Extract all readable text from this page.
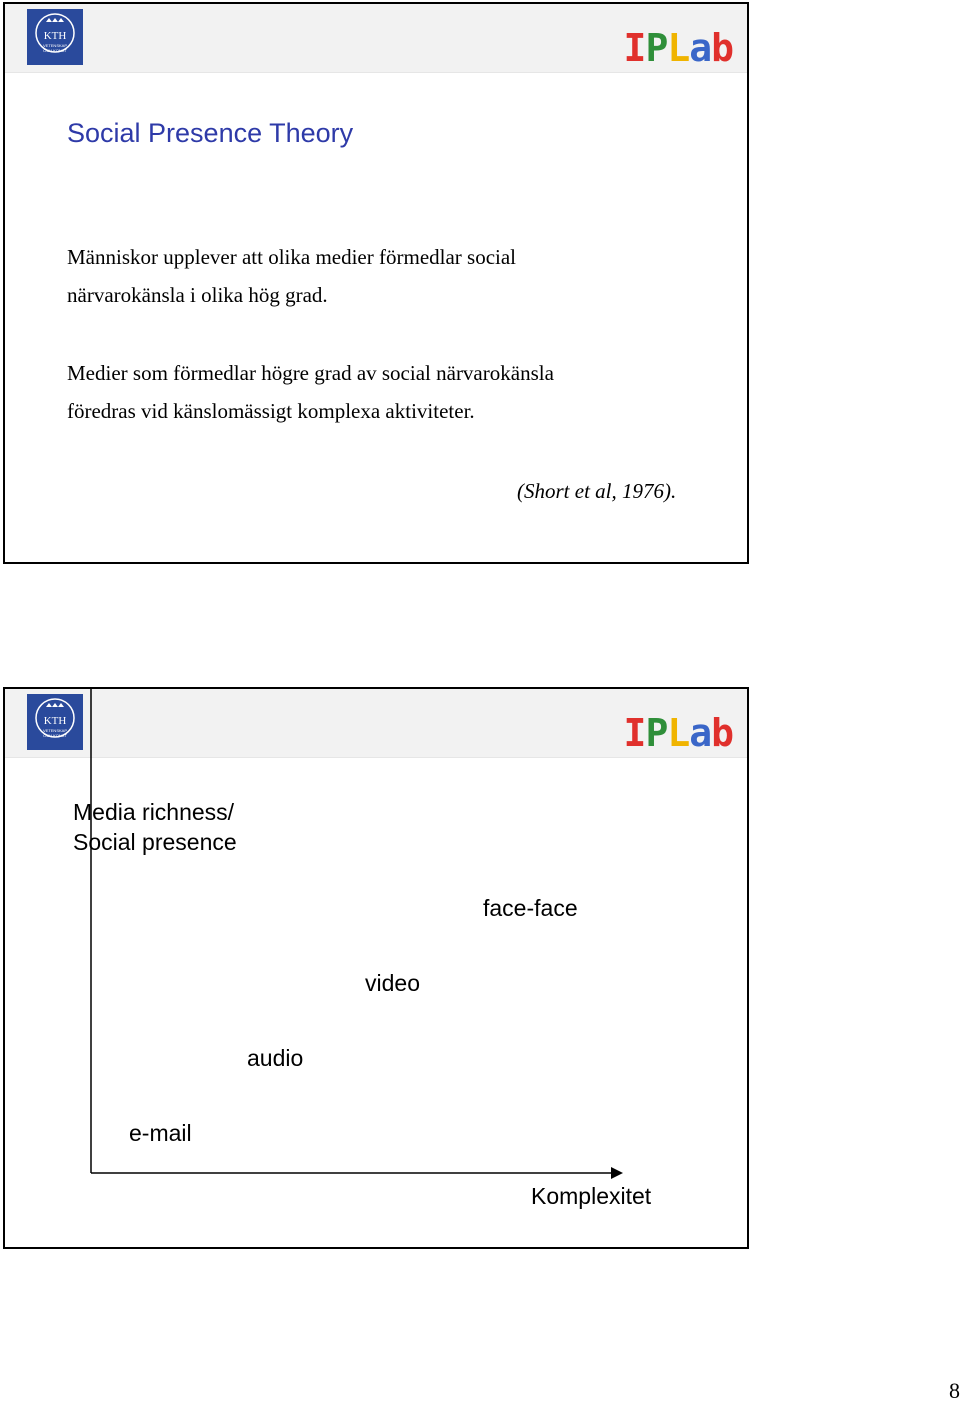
KTH
VETENSKAP
OCH KONST	IPLab
Social Presence Theory
Människor upplever att olika medier förmedlar social
närvarokänsla i olika hög grad.
Medier som förmedlar högre grad av social närvarokänsla
föredras vid känslomässigt komplexa aktiviteter.
(Short et al, 1976).
KTH
VETENSKAP
OCH KONST	IPLab
Media richness/
Social presence
e-mail
audio
video
face-face
Komplexitet
8
